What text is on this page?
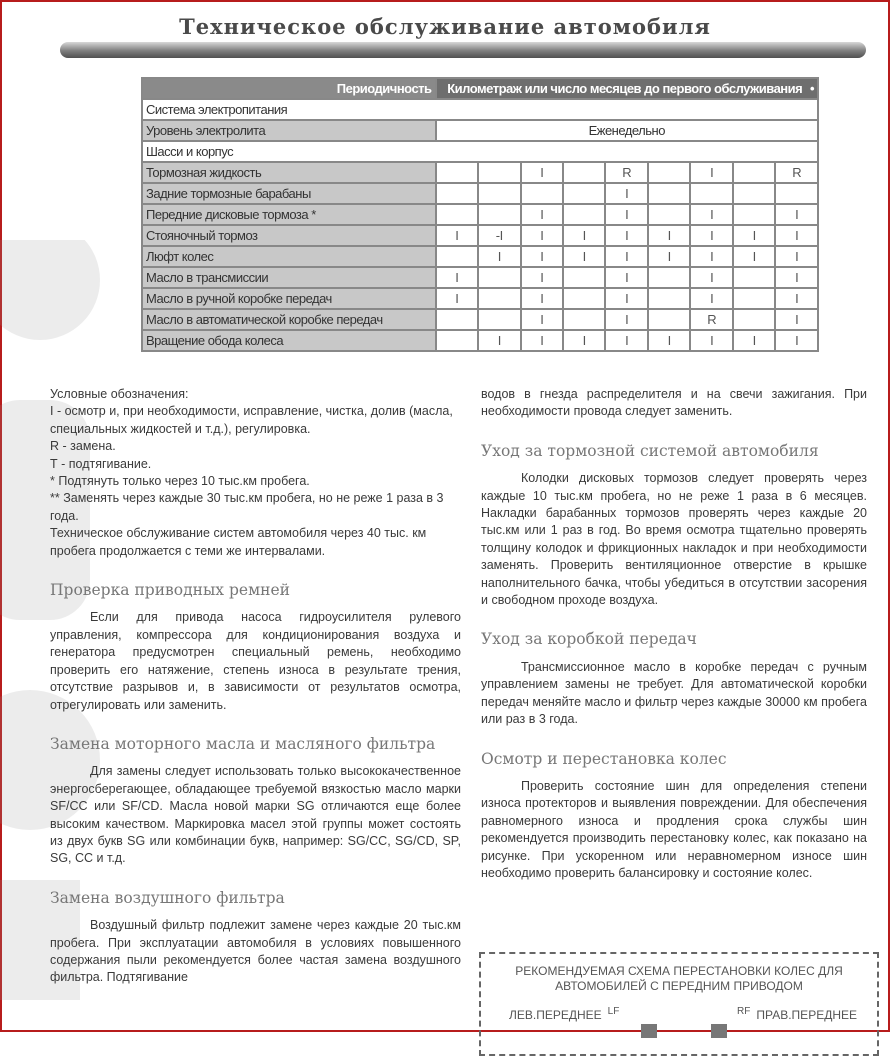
Техническое обслуживание автомобиля
Периодичность	Километраж или число месяцев до первого обслуживания •								

Система электропитания									
Уровень электролита	Еженедельно								
Шасси и корпус									
Тормозная жидкость			I		R		I		R
Задние тормозные барабаны					I				
Передние дисковые тормоза *			I		I		I		I
Стояночный тормоз	I	-I	I	I	I	I	I	I	I
Люфт колес		I	I	I	I	I	I	I	I
Масло в трансмиссии	I		I		I		I		I
Масло в ручной коробке передач	I		I		I		I		I
Масло в автоматической коробке передач			I		I		R		I
Вращение обода колеса		I	I	I	I	I	I	I	I

Условные обозначения:

I - осмотр и, при необходимости, исправление, чистка, долив (масла, специальных жидкостей и т.д.), регулировка.

R - замена.

Т - подтягивание.

* Подтянуть только через 10 тыс.км пробега.

** Заменять через каждые 30 тыс.км пробега, но не реже 1 раза в 3 года.

Техническое обслуживание систем автомобиля через 40 тыс. км пробега продолжается с теми же интервалами.

Проверка приводных ремней

Если для привода насоса гидроусилителя рулевого управления, компрессора для кондиционирования воздуха и генератора предусмотрен специальный ремень, необходимо проверить его натяжение, степень износа в результате трения, отсутствие разрывов и, в зависимости от результатов осмотра, отрегулировать или заменить.

Замена моторного масла и масляного фильтра

Для замены следует использовать только высококачественное энергосберегающее, обладающее требуемой вязкостью масло марки SF/CC или SF/CD. Масла новой марки SG отличаются еще более высоким качеством. Маркировка масел этой группы может состоять из двух букв SG или комбинации букв, например: SG/CC, SG/CD, SP, SG, CC и т.д.

Замена воздушного фильтра

Воздушный фильтр подлежит замене через каждые 20 тыс.км пробега. При эксплуатации автомобиля в условиях повышенного содержания пыли рекомендуется более частая замена воздушного фильтра. Подтягивание

водов в гнезда распределителя и на свечи зажигания. При необходимости провода следует заменить.

Уход за тормозной системой автомобиля

Колодки дисковых тормозов следует проверять через каждые 10 тыс.км пробега, но не реже 1 раза в 6 месяцев. Накладки барабанных тормозов проверять через каждые 20 тыс.км или 1 раз в год. Во время осмотра тщательно проверять толщину колодок и фрикционных накладок и при необходимости заменять. Проверить вентиляционное отверстие в крышке наполнительного бачка, чтобы убедиться в отсутствии засорения и свободном проходе воздуха.

Уход за коробкой передач

Трансмиссионное масло в коробке передач с ручным управлением замены не требует. Для автоматической коробки передач меняйте масло и фильтр через каждые 30000 км пробега или раз в 3 года.

Осмотр и перестановка колес

Проверить состояние шин для определения степени износа протекторов и выявления повреждении. Для обеспечения равномерного износа и продления срока службы шин рекомендуется производить перестановку колес, как показано на рисунке. При ускоренном или неравномерном износе шин необходимо проверить балансировку и состояние колес.

РЕКОМЕНДУЕМАЯ СХЕМА ПЕРЕСТАНОВКИ КОЛЕС ДЛЯ
АВТОМОБИЛЕЙ С ПЕРЕДНИМ ПРИВОДОМ
ЛЕВ.ПЕРЕДНЕЕ $^{LF}$	$^{RF}$ ПРАВ.ПЕРЕДНЕЕ
